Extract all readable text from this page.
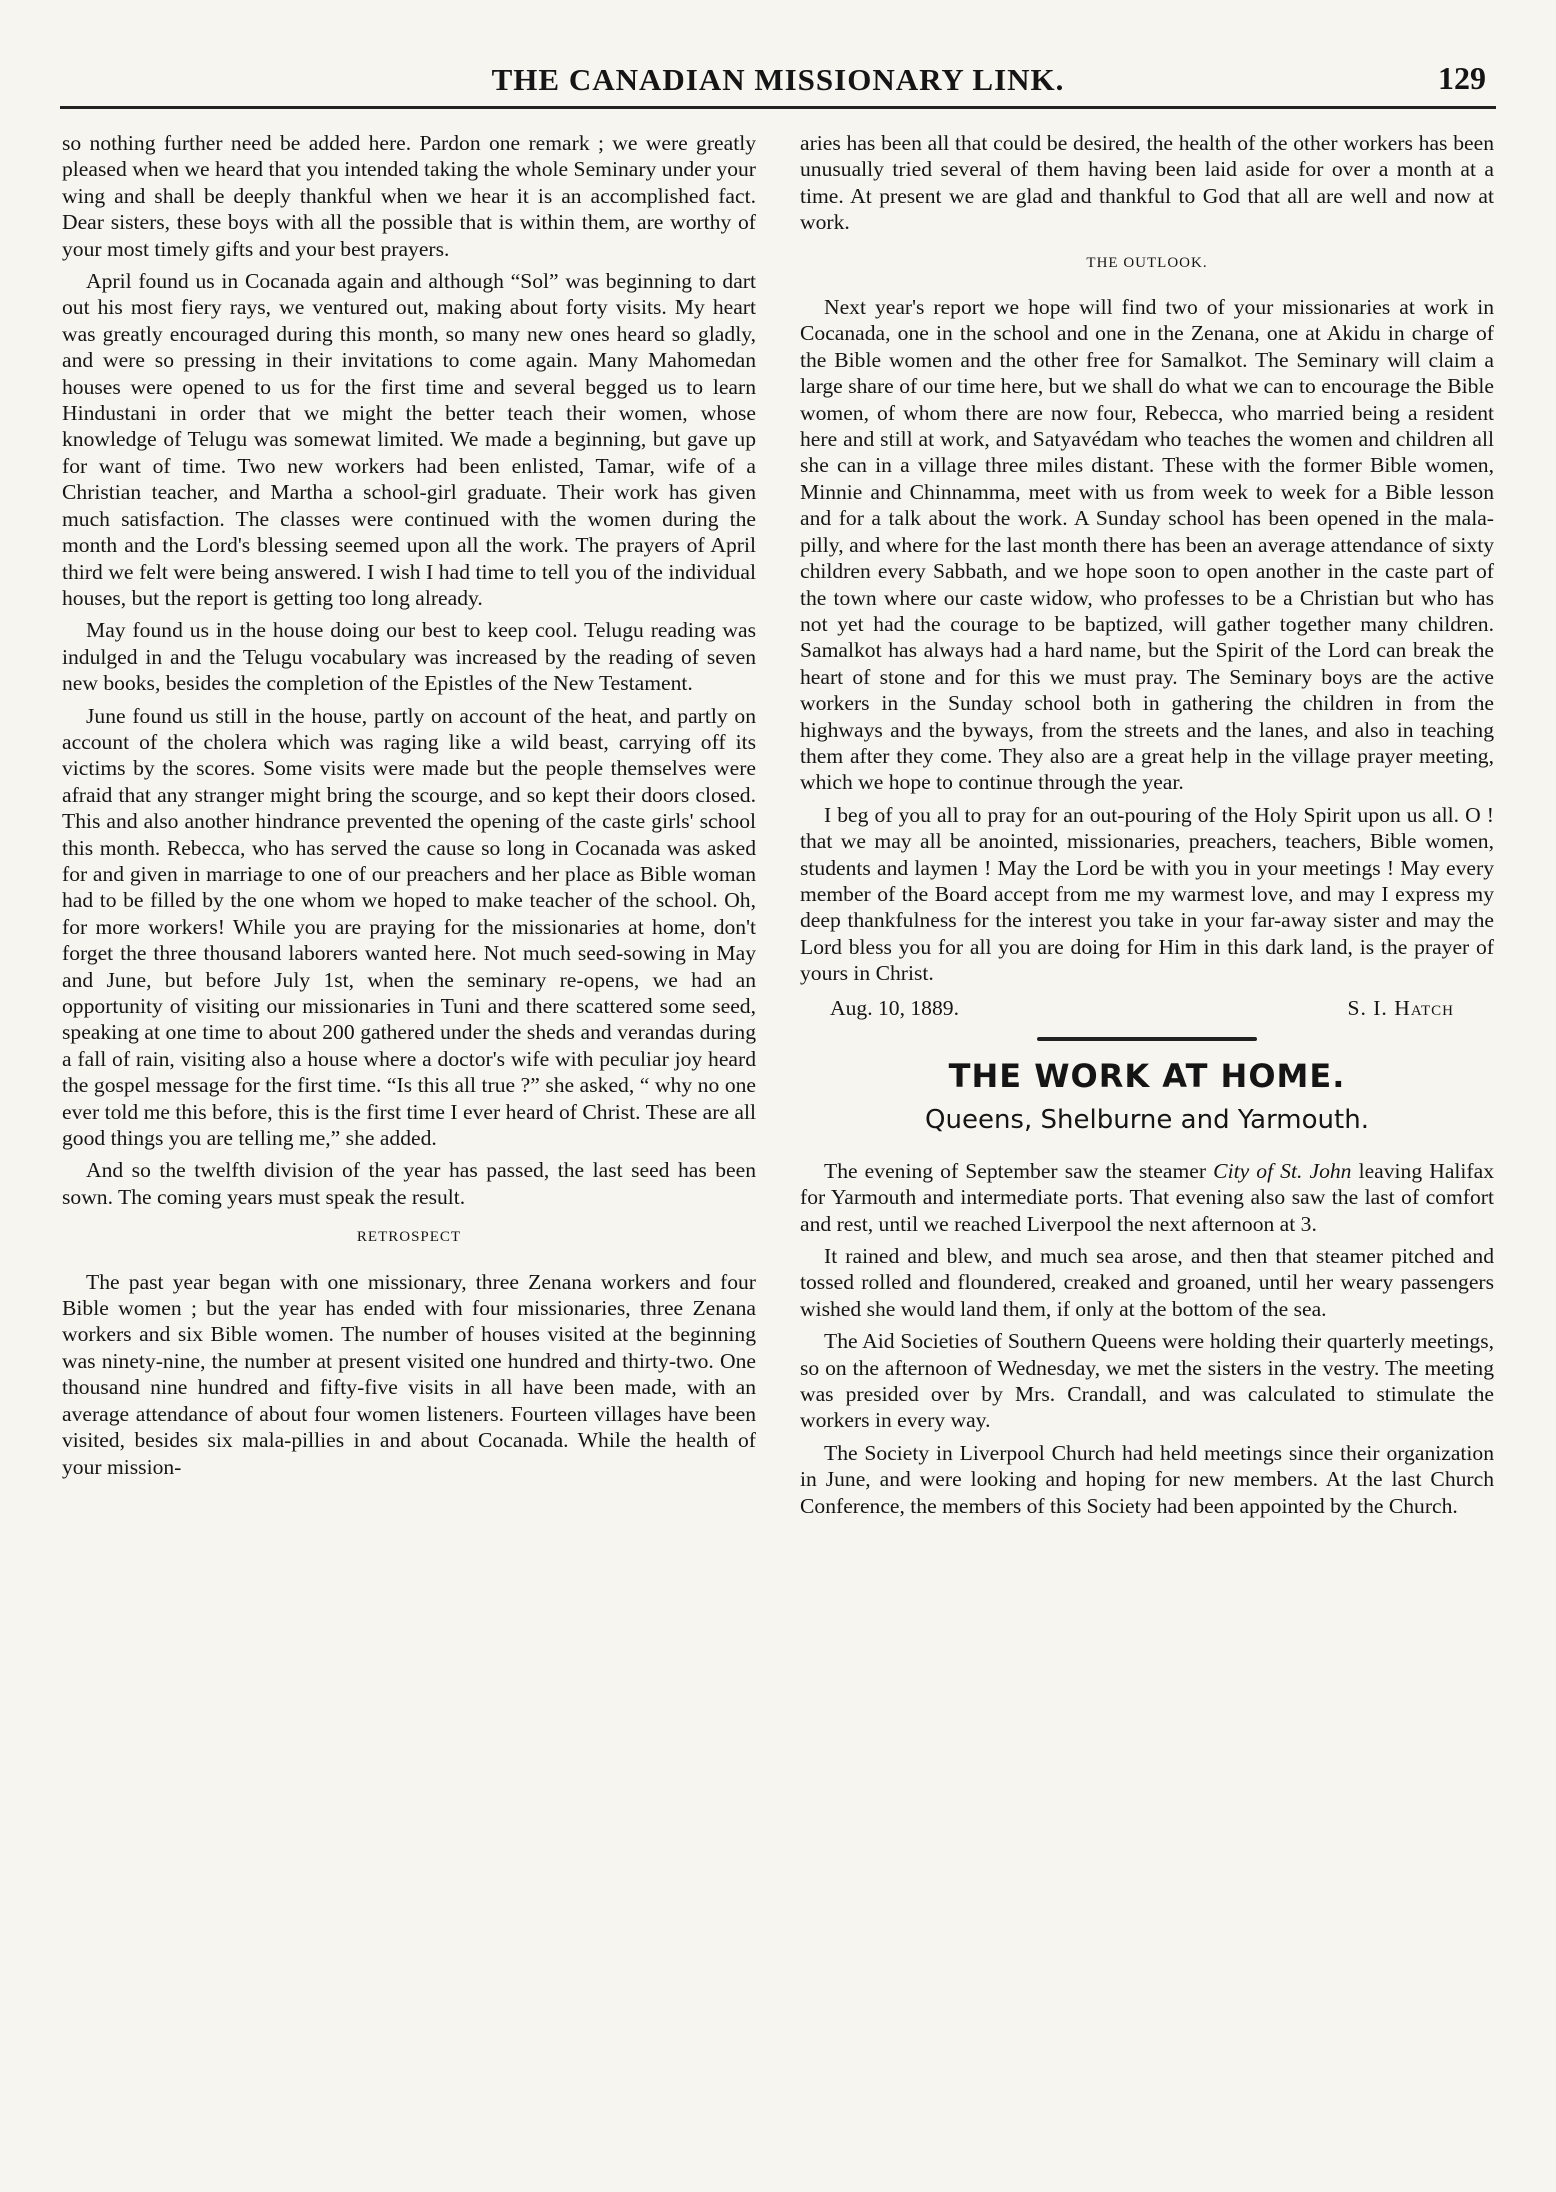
THE CANADIAN MISSIONARY LINK.	129

so nothing further need be added here. Pardon one remark ; we were greatly pleased when we heard that you intended taking the whole Seminary under your wing and shall be deeply thankful when we hear it is an accomplished fact. Dear sisters, these boys with all the possible that is within them, are worthy of your most timely gifts and your best prayers.

April found us in Cocanada again and although “Sol” was beginning to dart out his most fiery rays, we ventured out, making about forty visits. My heart was greatly encouraged during this month, so many new ones heard so gladly, and were so pressing in their invitations to come again. Many Mahomedan houses were opened to us for the first time and several begged us to learn Hindustani in order that we might the better teach their women, whose knowledge of Telugu was somewat limited. We made a beginning, but gave up for want of time. Two new workers had been enlisted, Tamar, wife of a Christian teacher, and Martha a school-girl graduate. Their work has given much satisfaction. The classes were continued with the women during the month and the Lord's blessing seemed upon all the work. The prayers of April third we felt were being answered. I wish I had time to tell you of the individual houses, but the report is getting too long already.

May found us in the house doing our best to keep cool. Telugu reading was indulged in and the Telugu vocabulary was increased by the reading of seven new books, besides the completion of the Epistles of the New Testament.

June found us still in the house, partly on account of the heat, and partly on account of the cholera which was raging like a wild beast, carrying off its victims by the scores. Some visits were made but the people themselves were afraid that any stranger might bring the scourge, and so kept their doors closed. This and also another hindrance prevented the opening of the caste girls' school this month. Rebecca, who has served the cause so long in Cocanada was asked for and given in marriage to one of our preachers and her place as Bible woman had to be filled by the one whom we hoped to make teacher of the school. Oh, for more workers! While you are praying for the missionaries at home, don't forget the three thousand laborers wanted here. Not much seed-sowing in May and June, but before July 1st, when the seminary re-opens, we had an opportunity of visiting our missionaries in Tuni and there scattered some seed, speaking at one time to about 200 gathered under the sheds and verandas during a fall of rain, visiting also a house where a doctor's wife with peculiar joy heard the gospel message for the first time. “Is this all true ?” she asked, “ why no one ever told me this before, this is the first time I ever heard of Christ. These are all good things you are telling me,” she added.

And so the twelfth division of the year has passed, the last seed has been sown. The coming years must speak the result.

RETROSPECT

The past year began with one missionary, three Zenana workers and four Bible women ; but the year has ended with four missionaries, three Zenana workers and six Bible women. The number of houses visited at the beginning was ninety-nine, the number at present visited one hundred and thirty-two. One thousand nine hundred and fifty-five visits in all have been made, with an average attendance of about four women listeners. Fourteen villages have been visited, besides six mala-pillies in and about Cocanada. While the health of your mission-

aries has been all that could be desired, the health of the other workers has been unusually tried several of them having been laid aside for over a month at a time. At present we are glad and thankful to God that all are well and now at work.

THE OUTLOOK.

Next year's report we hope will find two of your missionaries at work in Cocanada, one in the school and one in the Zenana, one at Akidu in charge of the Bible women and the other free for Samalkot. The Seminary will claim a large share of our time here, but we shall do what we can to encourage the Bible women, of whom there are now four, Rebecca, who married being a resident here and still at work, and Satyavédam who teaches the women and children all she can in a village three miles distant. These with the former Bible women, Minnie and Chinnamma, meet with us from week to week for a Bible lesson and for a talk about the work. A Sunday school has been opened in the mala-pilly, and where for the last month there has been an average attendance of sixty children every Sabbath, and we hope soon to open another in the caste part of the town where our caste widow, who professes to be a Christian but who has not yet had the courage to be baptized, will gather together many children. Samalkot has always had a hard name, but the Spirit of the Lord can break the heart of stone and for this we must pray. The Seminary boys are the active workers in the Sunday school both in gathering the children in from the highways and the byways, from the streets and the lanes, and also in teaching them after they come. They also are a great help in the village prayer meeting, which we hope to continue through the year.

I beg of you all to pray for an out-pouring of the Holy Spirit upon us all. O ! that we may all be anointed, missionaries, preachers, teachers, Bible women, students and laymen ! May the Lord be with you in your meetings ! May every member of the Board accept from me my warmest love, and may I express my deep thankfulness for the interest you take in your far-away sister and may the Lord bless you for all you are doing for Him in this dark land, is the prayer of yours in Christ.

Aug. 10, 1889.	S. I. Hatch
THE WORK AT HOME.
Queens, Shelburne and Yarmouth.

The evening of September saw the steamer City of St. John leaving Halifax for Yarmouth and intermediate ports. That evening also saw the last of comfort and rest, until we reached Liverpool the next afternoon at 3.

It rained and blew, and much sea arose, and then that steamer pitched and tossed rolled and floundered, creaked and groaned, until her weary passengers wished she would land them, if only at the bottom of the sea.

The Aid Societies of Southern Queens were holding their quarterly meetings, so on the afternoon of Wednesday, we met the sisters in the vestry. The meeting was presided over by Mrs. Crandall, and was calculated to stimulate the workers in every way.

The Society in Liverpool Church had held meetings since their organization in June, and were looking and hoping for new members. At the last Church Conference, the members of this Society had been appointed by the Church.
